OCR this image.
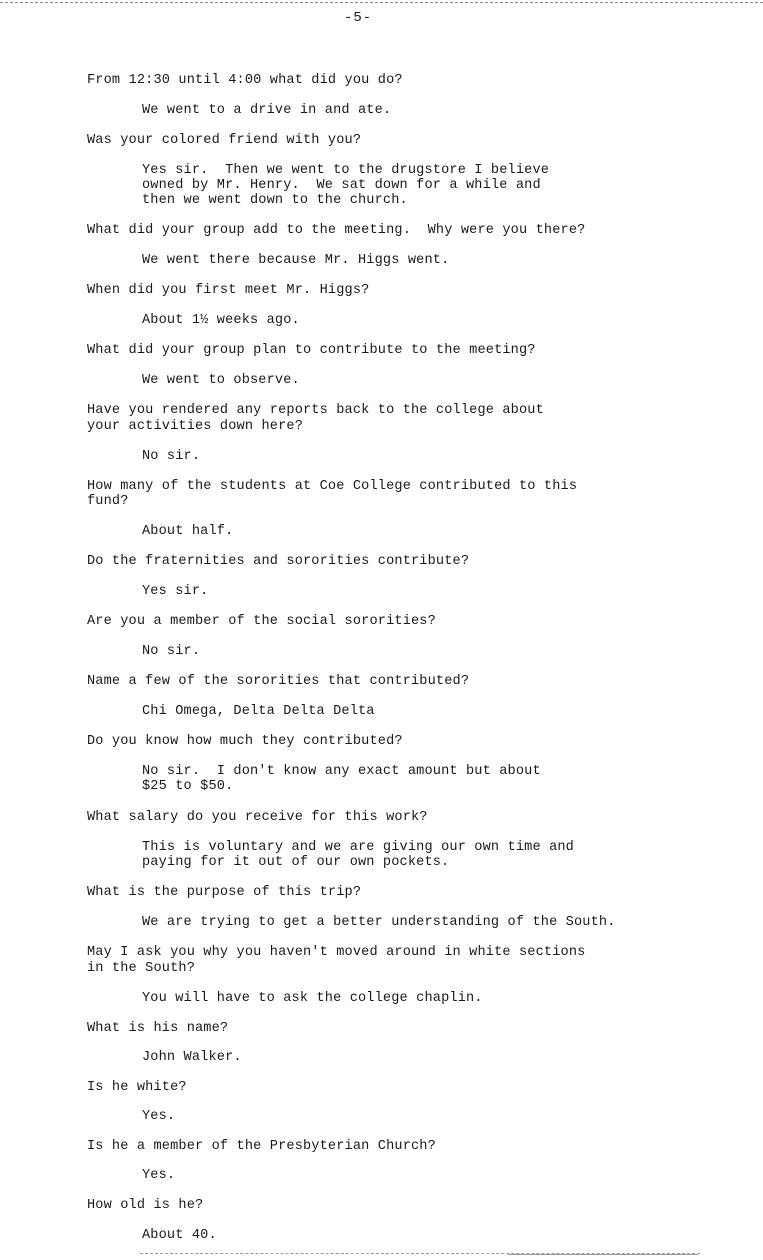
-5-
From 12:30 until 4:00 what did you do?
We went to a drive in and ate.
Was your colored friend with you?
Yes sir.  Then we went to the drugstore I believe
owned by Mr. Henry.  We sat down for a while and
then we went down to the church.
What did your group add to the meeting.  Why were you there?
We went there because Mr. Higgs went.
When did you first meet Mr. Higgs?
About 1½ weeks ago.
What did your group plan to contribute to the meeting?
We went to observe.
Have you rendered any reports back to the college about
your activities down here?
No sir.
How many of the students at Coe College contributed to this
fund?
About half.
Do the fraternities and sororities contribute?
Yes sir.
Are you a member of the social sororities?
No sir.
Name a few of the sororities that contributed?
Chi Omega, Delta Delta Delta
Do you know how much they contributed?
No sir.  I don't know any exact amount but about
$25 to $50.
What salary do you receive for this work?
This is voluntary and we are giving our own time and
paying for it out of our own pockets.
What is the purpose of this trip?
We are trying to get a better understanding of the South.
May I ask you why you haven't moved around in white sections
in the South?
You will have to ask the college chaplin.
What is his name?
John Walker.
Is he white?
Yes.
Is he a member of the Presbyterian Church?
Yes.
How old is he?
About 40.
